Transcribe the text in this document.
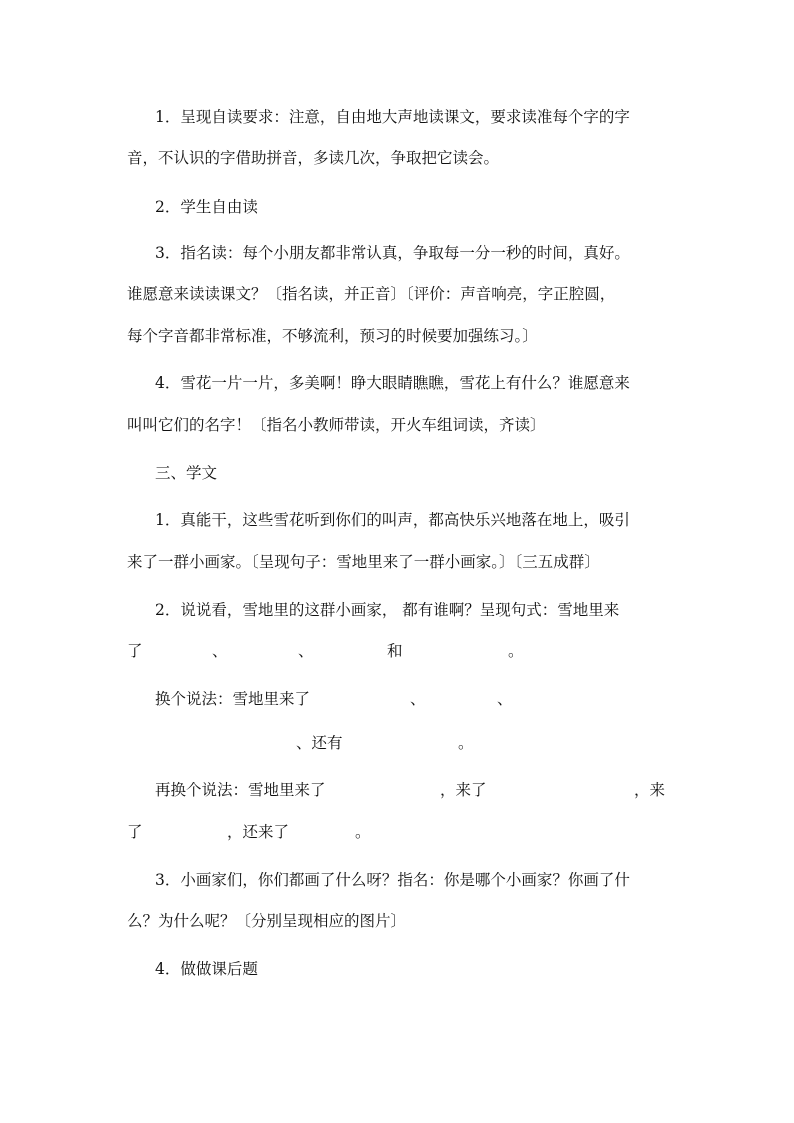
1．呈现自读要求：注意，自由地大声地读课文，要求读准每个字的字
音，不认识的字借助拼音，多读几次，争取把它读会。
2．学生自由读
3．指名读：每个小朋友都非常认真，争取每一分一秒的时间，真好。
谁愿意来读读课文？〔指名读，并正音〕〔评价：声音响亮，字正腔圆，
每个字音都非常标准，不够流利，预习的时候要加强练习。〕
4．雪花一片一片，多美啊！睁大眼睛瞧瞧，雪花上有什么？谁愿意来
叫叫它们的名字！〔指名小教师带读，开火车组词读，齐读〕
三、学文
1．真能干，这些雪花听到你们的叫声，都高快乐兴地落在地上，吸引
来了一群小画家。〔呈现句子：雪地里来了一群小画家。〕〔三五成群〕
2．说说看，雪地里的这群小画家， 都有谁啊？呈现句式：雪地里来
了	、	、	和	。
换个说法：雪地里来了	、	、
、还有	。
再换个说法：雪地里来了	，来了	，来
了	，还来了	。
3．小画家们，你们都画了什么呀？指名：你是哪个小画家？你画了什
么？为什么呢？〔分别呈现相应的图片〕
4．做做课后题
